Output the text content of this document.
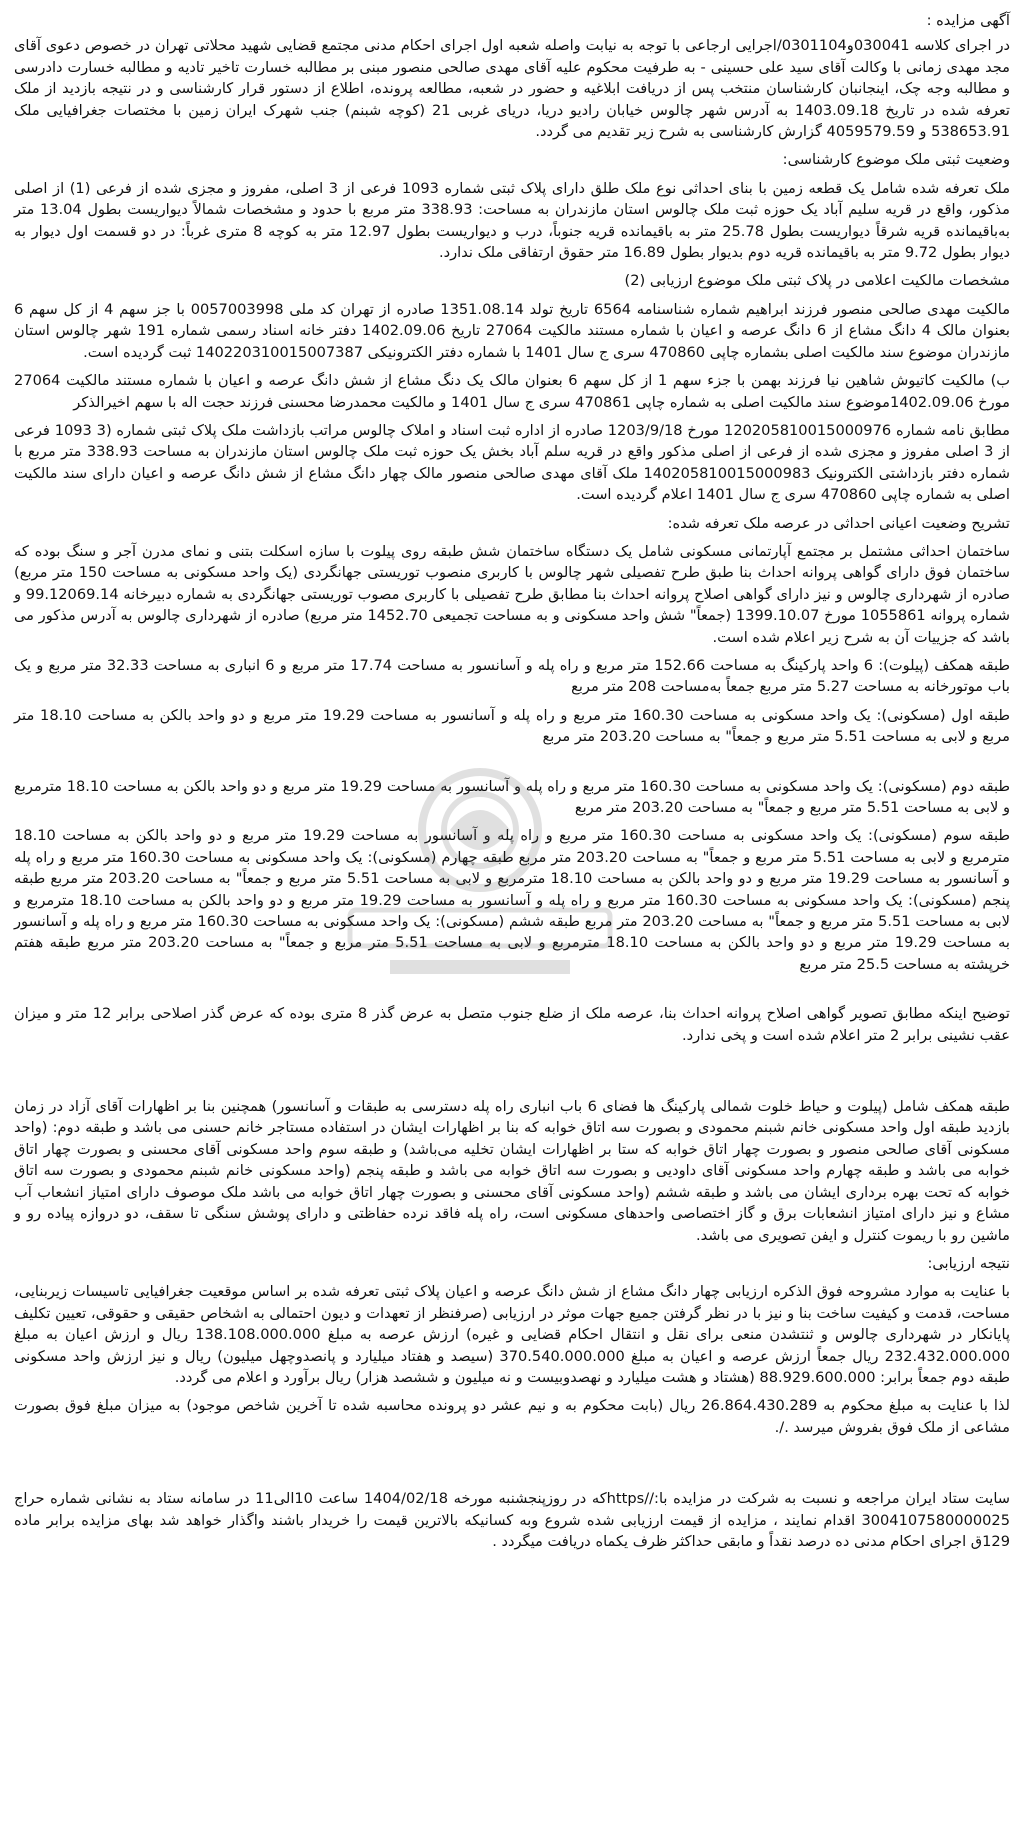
آگهی مزایده :
در اجرای کلاسه 030041و0301104/اجرایی ارجاعی با توجه به نیابت واصله شعبه اول اجرای احکام مدنی مجتمع قضایی شهید محلاتی تهران در خصوص دعوی آقای مجد مهدی زمانی با وکالت آقای سید علی حسینی - به طرفیت محکوم علیه آقای مهدی صالحی منصور مبنی بر مطالبه خسارت تاخیر تادیه و مطالبه خسارت دادرسی و مطالبه وجه چک، اینجانبان کارشناسان منتخب پس از دریافت ابلاغیه و حضور در شعبه، مطالعه پرونده، اطلاع از دستور قرار کارشناسی و در نتیجه بازدید از ملک تعرفه شده در تاریخ 1403.09.18 به آدرس شهر چالوس خیابان رادیو دریا، دریای غربی 21 (کوچه شبنم) جنب شهرک ایران زمین با مختصات جغرافیایی ملک 538653.91 و 4059579.59 گزارش کارشناسی به شرح زیر تقدیم می گردد.
وضعیت ثبتی ملک موضوع کارشناسی:
ملک تعرفه شده شامل یک قطعه زمین با بنای احداثی نوع ملک طلق دارای پلاک ثبتی شماره 1093 فرعی از 3 اصلی، مفروز و مجزی شده از فرعی (1) از اصلی مذکور، واقع در قریه سلیم آباد یک حوزه ثبت ملک چالوس استان مازندران به مساحت: 338.93 متر مربع با حدود و مشخصات شمالاً دیواریست بطول 13.04 متر به‌باقیمانده قریه شرقاً دیواریست بطول 25.78 متر به باقیمانده قریه جنوباً، درب و دیواریست بطول 12.97 متر به کوچه 8 متری غرباً: در دو قسمت اول دیوار به دیوار بطول 9.72 متر به باقیمانده قریه دوم بدیوار بطول 16.89 متر حقوق ارتفاقی ملک ندارد.
مشخصات مالکیت اعلامی در پلاک ثبتی ملک موضوع ارزیابی (2)
مالکیت مهدی صالحی منصور فرزند ابراهیم شماره شناسنامه 6564 تاریخ تولد 1351.08.14 صادره از تهران کد ملی 0057003998 با جز سهم 4 از کل سهم 6 بعنوان مالک 4 دانگ مشاع از 6 دانگ عرصه و اعیان با شماره مستند مالکیت 27064 تاریخ 1402.09.06 دفتر خانه اسناد رسمی شماره 191 شهر چالوس استان مازندران موضوع سند مالکیت اصلی بشماره چاپی 470860 سری ج سال 1401 با شماره دفتر الکترونیکی 140220310015007387 ثبت گردیده است.
ب) مالکیت کاتیوش شاهین نیا فرزند بهمن با جزء سهم 1 از کل سهم 6 بعنوان مالک یک دنگ مشاع از شش دانگ عرصه و اعیان با شماره مستند مالکیت 27064 مورخ 1402.09.06موضوع سند مالکیت اصلی به شماره چاپی 470861 سری ج سال 1401 و مالکیت محمدرضا محسنی فرزند حجت اله با سهم اخیرالذکر
مطابق نامه شماره 120205810015000976 مورخ 1203/9/18 صادره از اداره ثبت اسناد و املاک چالوس مراتب بازداشت ملک پلاک ثبتی شماره (3 1093 فرعی از 3 اصلی مفروز و مجزی شده از فرعی از اصلی مذکور واقع در قریه سلم آباد بخش یک حوزه ثبت ملک چالوس استان مازندران به مساحت 338.93 متر مربع با شماره دفتر بازداشتی الکترونیک 140205810015000983 ملک آقای مهدی صالحی منصور مالک چهار دانگ مشاع از شش دانگ عرصه و اعیان دارای سند مالکیت اصلی به شماره چاپی 470860 سری ج سال 1401 اعلام گردیده است.
تشریح وضعیت اعیانی احداثی در عرصه ملک تعرفه شده:
ساختمان احداثی مشتمل بر مجتمع آپارتمانی مسکونی شامل یک دستگاه ساختمان شش طبقه روی پیلوت با سازه اسکلت بتنی و نمای مدرن آجر و سنگ بوده که ساختمان فوق دارای گواهی پروانه احداث بنا طبق طرح تفصیلی شهر چالوس با کاربری منصوب توریستی جهانگردی (یک واحد مسکونی به مساحت 150 متر مربع) صادره از شهرداری چالوس و نیز دارای گواهی اصلاح پروانه احداث بنا مطابق طرح تفصیلی با کاربری مصوب توریستی جهانگردی به شماره دبیرخانه 99.12069.14 و شماره پروانه 1055861 مورخ 1399.10.07 (جمعاً" شش واحد مسکونی و به مساحت تجمیعی 1452.70 متر مربع) صادره از شهرداری چالوس به آدرس مذکور می باشد که جزییات آن به شرح زیر اعلام شده است.
طبقه همکف (پیلوت): 6 واحد پارکینگ به مساحت 152.66 متر مربع و راه پله و آسانسور به مساحت 17.74 متر مربع و 6 انباری به مساحت 32.33 متر مربع و یک باب موتورخانه به مساحت 5.27 متر مربع جمعاً به‌مساحت 208 متر مربع
طبقه اول (مسکونی): یک واحد مسکونی به مساحت 160.30 متر مربع و راه پله و آسانسور به مساحت 19.29 متر مربع و دو واحد بالکن به مساحت 18.10 متر مربع و لابی به مساحت 5.51 متر مربع و جمعاً" به مساحت 203.20 متر مربع
طبقه دوم (مسکونی): یک واحد مسکونی به مساحت 160.30 متر مربع و راه پله و آسانسور به مساحت 19.29 متر مربع و دو واحد بالکن به مساحت 18.10 مترمربع و لابی به مساحت 5.51 متر مربع و جمعاً" به مساحت 203.20 متر مربع
طبقه سوم (مسکونی): یک واحد مسکونی به مساحت 160.30 متر مربع و راه پله و آسانسور به مساحت 19.29 متر مربع و دو واحد بالکن به مساحت 18.10 مترمربع و لابی به مساحت 5.51 متر مربع و جمعاً" به مساحت 203.20 متر مربع طبقه چهارم (مسکونی): یک واحد مسکونی به مساحت 160.30 متر مربع و راه پله و آسانسور به مساحت 19.29 متر مربع و دو واحد بالکن به مساحت 18.10 مترمربع و لابی به مساحت 5.51 متر مربع و جمعاً" به مساحت 203.20 متر مربع طبقه پنجم (مسکونی): یک واحد مسکونی به مساحت 160.30 متر مربع و راه پله و آسانسور به مساحت 19.29 متر مربع و دو واحد بالکن به مساحت 18.10 مترمربع و لابی به مساحت 5.51 متر مربع و جمعاً" به مساحت 203.20 متر مربع طبقه ششم (مسکونی): یک واحد مسکونی به مساحت 160.30 متر مربع و راه پله و آسانسور به مساحت 19.29 متر مربع و دو واحد بالکن به مساحت 18.10 مترمربع و لابی به مساحت 5.51 متر مربع و جمعاً" به مساحت 203.20 متر مربع طبقه هفتم خرپشته به مساحت 25.5 متر مربع
توضیح اینکه مطابق تصویر گواهی اصلاح پروانه احداث بنا، عرصه ملک از ضلع جنوب متصل به عرض گذر 8 متری بوده که عرض گذر اصلاحی برابر 12 متر و میزان عقب نشینی برابر 2 متر اعلام شده است و پخی ندارد.
طبقه همکف شامل (پیلوت و حیاط خلوت شمالی پارکینگ ها فضای 6 باب انباری راه پله دسترسی به طبقات و آسانسور) همچنین بنا بر اظهارات آقای آزاد در زمان بازدید طبقه اول واحد مسکونی خانم شبنم محمودی و بصورت سه اتاق خوابه که بنا بر اظهارات ایشان در استفاده مستاجر خانم حسنی می باشد و طبقه دوم: (واحد مسکونی آقای صالحی منصور و بصورت چهار اتاق خوابه که ستا بر اظهارات ایشان تخلیه می‌باشد) و طبقه سوم واحد مسکونی آقای محسنی و بصورت چهار اتاق خوابه می باشد و طبقه چهارم واحد مسکونی آقای داودیی و بصورت سه اتاق خوابه می باشد و طبقه پنجم (واحد مسکونی خانم شبنم محمودی و بصورت سه اتاق خوابه که تحت بهره برداری ایشان می باشد و طبقه ششم (واحد مسکونی آقای محسنی و بصورت چهار اتاق خوابه می باشد ملک موصوف دارای امتیاز انشعاب آب مشاع و نیز دارای امتیاز انشعابات برق و گاز اختصاصی واحدهای مسکونی است، راه پله فاقد نرده حفاظتی و دارای پوشش سنگی تا سقف، دو دروازه پیاده رو و ماشین رو با ریموت کنترل و ایفن تصویری می باشد.
نتیجه ارزیابی:
با عنایت به موارد مشروحه فوق الذکره ارزیابی چهار دانگ مشاع از شش دانگ عرصه و اعیان پلاک ثبتی تعرفه شده بر اساس موقعیت جغرافیایی تاسیسات زیربنایی، مساحت، قدمت و کیفیت ساخت بنا و نیز با در نظر گرفتن جمیع جهات موثر در ارزیابی (صرفنظر از تعهدات و دیون احتمالی به اشخاص حقیقی و حقوقی، تعیین تکلیف پایانکار در شهرداری چالوس و ثنتشدن منعی برای نقل و انتقال احکام قضایی و غیره) ارزش عرصه به مبلغ 138.108.000.000 ریال و ارزش اعیان به مبلغ 232.432.000.000 ریال جمعاً ارزش عرصه و اعیان به مبلغ 370.540.000.000 (سیصد و هفتاد میلیارد و پانصدوچهل میلیون) ریال و نیز ارزش واحد مسکونی طبقه دوم جمعاً برابر: 88.929.600.000 (هشتاد و هشت میلیارد و نهصدوبیست و نه میلیون و ششصد هزار) ریال برآورد و اعلام می گردد.
لذا با عنایت به مبلغ محکوم به 26.864.430.289 ریال (بابت محکوم به و نیم عشر دو پرونده محاسبه شده تا آخرین شاخص موجود) به میزان مبلغ فوق بصورت مشاعی از ملک فوق بفروش میرسد ./.
سایت ستاد ایران مراجعه و نسبت به شرکت در مزایده با://httpsکه در روزپنجشنبه مورخه 1404/02/18 ساعت 10الی11 در سامانه ستاد به نشانی شماره حراج 3004107580000025 اقدام نمایند ، مزایده از قیمت ارزیابی شده شروع وبه کسانیکه بالاترین قیمت را خریدار باشند واگذار خواهد شد بهای مزایده برابر ماده 129ق اجرای احکام مدنی ده درصد نقداً و مابقی حداکثر ظرف یکماه دریافت میگردد .
